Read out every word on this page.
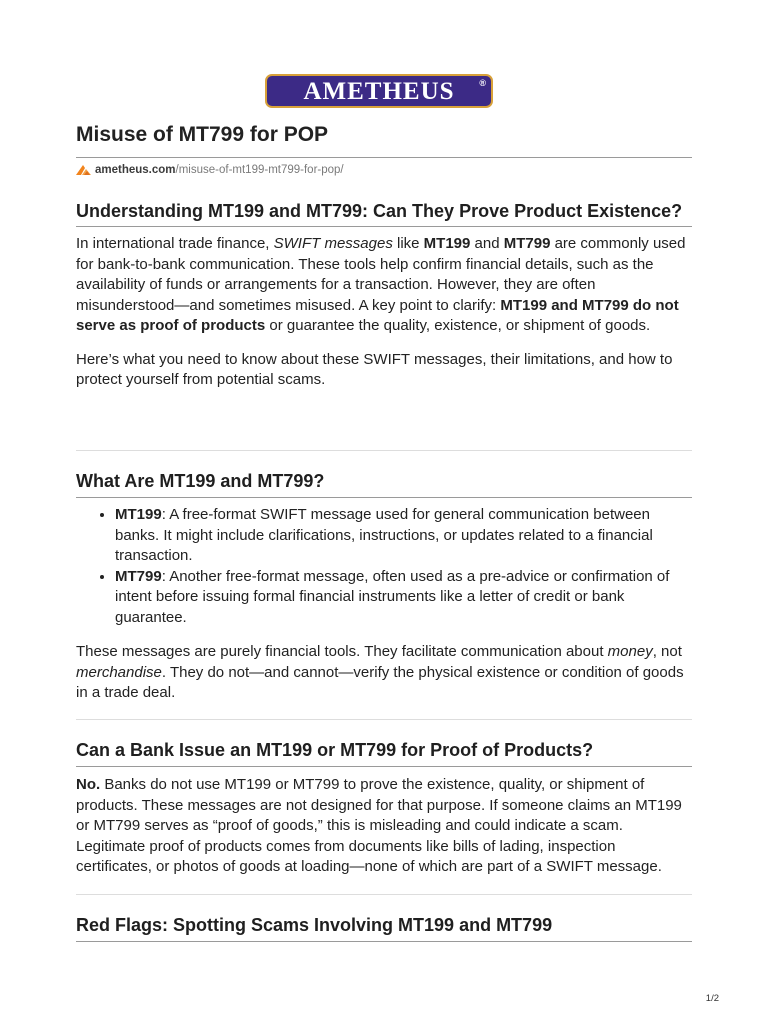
AMETHEUS	®
Misuse of MT799 for POP
ametheus.com /misuse-of-mt199-mt799-for-pop/
Understanding MT199 and MT799: Can They Prove Product Existence?

In international trade finance, SWIFT messages like MT199 and MT799 are commonly used for bank-to-bank communication. These tools help confirm financial details, such as the availability of funds or arrangements for a transaction. However, they are often misunderstood—and sometimes misused. A key point to clarify: MT199 and MT799 do not serve as proof of products or guarantee the quality, existence, or shipment of goods.

Here’s what you need to know about these SWIFT messages, their limitations, and how to protect yourself from potential scams.

What Are MT199 and MT799?
• MT199: A free-format SWIFT message used for general communication between banks. It might include clarifications, instructions, or updates related to a financial transaction.
• MT799: Another free-format message, often used as a pre-advice or confirmation of intent before issuing formal financial instruments like a letter of credit or bank guarantee.

These messages are purely financial tools. They facilitate communication about money, not merchandise. They do not—and cannot—verify the physical existence or condition of goods in a trade deal.

Can a Bank Issue an MT199 or MT799 for Proof of Products?

No. Banks do not use MT199 or MT799 to prove the existence, quality, or shipment of products. These messages are not designed for that purpose. If someone claims an MT199 or MT799 serves as “proof of goods,” this is misleading and could indicate a scam. Legitimate proof of products comes from documents like bills of lading, inspection certificates, or photos of goods at loading—none of which are part of a SWIFT message.

Red Flags: Spotting Scams Involving MT199 and MT799
1/2
